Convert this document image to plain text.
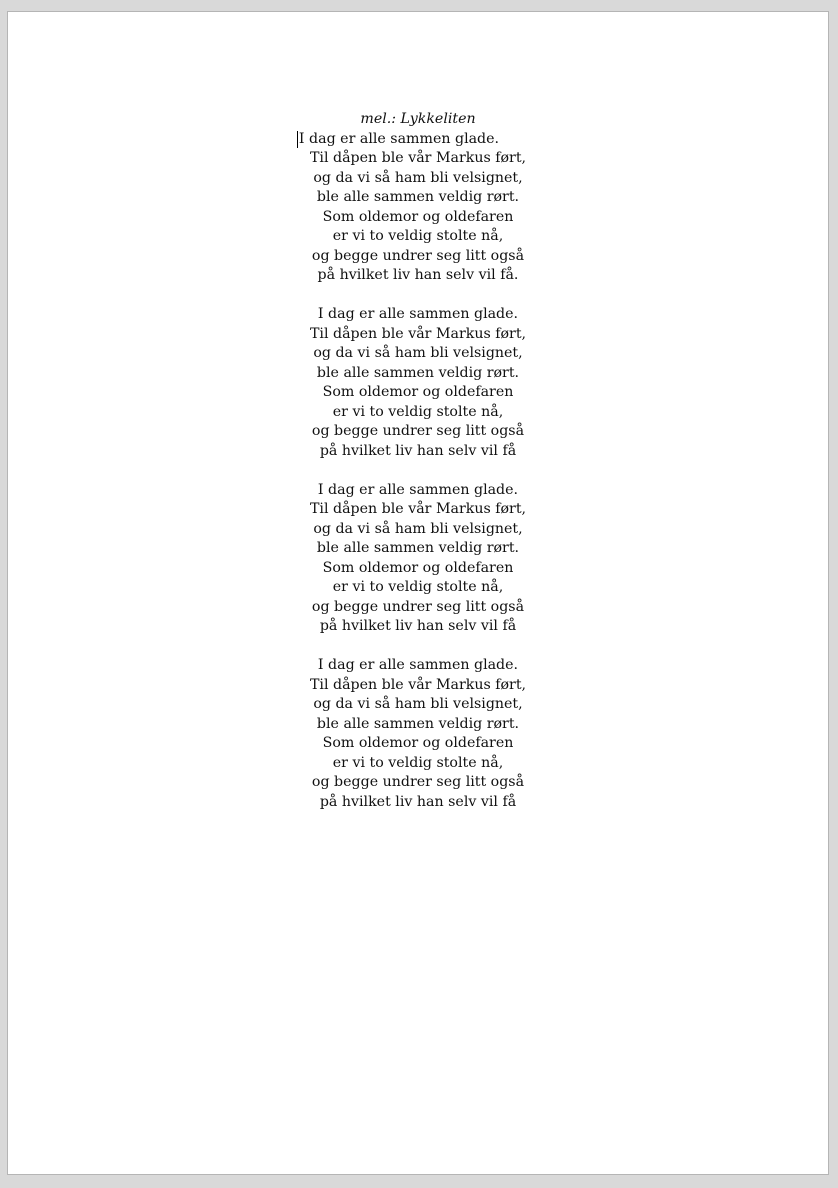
mel.: Lykkeliten
I dag er alle sammen glade.
Til dåpen ble vår Markus ført,
og da vi så ham bli velsignet,
ble alle sammen veldig rørt.
Som oldemor og oldefaren
er vi to veldig stolte nå,
og begge undrer seg litt også
på hvilket liv han selv vil få.
I dag er alle sammen glade.
Til dåpen ble vår Markus ført,
og da vi så ham bli velsignet,
ble alle sammen veldig rørt.
Som oldemor og oldefaren
er vi to veldig stolte nå,
og begge undrer seg litt også
på hvilket liv han selv vil få
I dag er alle sammen glade.
Til dåpen ble vår Markus ført,
og da vi så ham bli velsignet,
ble alle sammen veldig rørt.
Som oldemor og oldefaren
er vi to veldig stolte nå,
og begge undrer seg litt også
på hvilket liv han selv vil få
I dag er alle sammen glade.
Til dåpen ble vår Markus ført,
og da vi så ham bli velsignet,
ble alle sammen veldig rørt.
Som oldemor og oldefaren
er vi to veldig stolte nå,
og begge undrer seg litt også
på hvilket liv han selv vil få
